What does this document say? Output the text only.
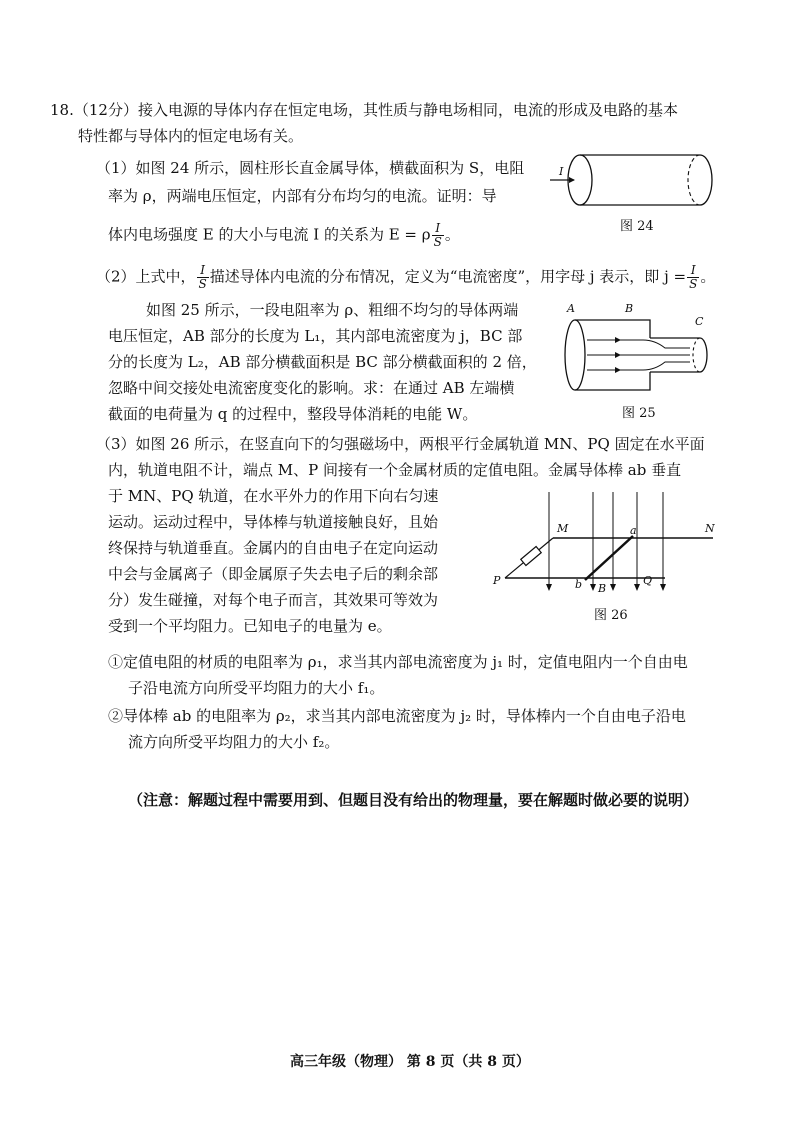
18.（12分）接入电源的导体内存在恒定电场，其性质与静电场相同，电流的形成及电路的基本
特性都与导体内的恒定电场有关。
（1）如图 24 所示，圆柱形长直金属导体，横截面积为 S，电阻
率为 ρ，两端电压恒定，内部有分布均匀的电流。证明：导
体内电场强度 E 的大小与电流 I 的关系为 E = ρ $\frac{I}{S}$ 。
I
图 24
（2）上式中， $\frac{I}{S}$ 描述导体内电流的分布情况，定义为“电流密度”，用字母 j 表示，即 $j = \frac{I}{S}$ 。
如图 25 所示，一段电阻率为 ρ、粗细不均匀的导体两端
电压恒定，AB 部分的长度为 L₁，其内部电流密度为 j，BC 部
分的长度为 L₂，AB 部分横截面积是 BC 部分横截面积的 2 倍，
忽略中间交接处电流密度变化的影响。求：在通过 AB 左端横
截面的电荷量为 q 的过程中，整段导体消耗的电能 W。
A	B
C
图 25
（3）如图 26 所示，在竖直向下的匀强磁场中，两根平行金属轨道 MN、PQ 固定在水平面
内，轨道电阻不计，端点 M、P 间接有一个金属材质的定值电阻。金属导体棒 ab 垂直
于 MN、PQ 轨道，在水平外力的作用下向右匀速
运动。运动过程中，导体棒与轨道接触良好，且始
终保持与轨道垂直。金属内的自由电子在定向运动
中会与金属离子（即金属原子失去电子后的剩余部
分）发生碰撞，对每个电子而言，其效果可等效为
受到一个平均阻力。已知电子的电量为 e。
①定值电阻的材质的电阻率为 ρ₁，求当其内部电流密度为 j₁ 时，定值电阻内一个自由电
子沿电流方向所受平均阻力的大小 f₁。
②导体棒 ab 的电阻率为 ρ₂，求当其内部电流密度为 j₂ 时，导体棒内一个自由电子沿电
流方向所受平均阻力的大小 f₂。
M	N
P	Q
a
b B
图 26
（注意：解题过程中需要用到、但题目没有给出的物理量，要在解题时做必要的说明）
高三年级（物理） 第 8 页（共 8 页）
